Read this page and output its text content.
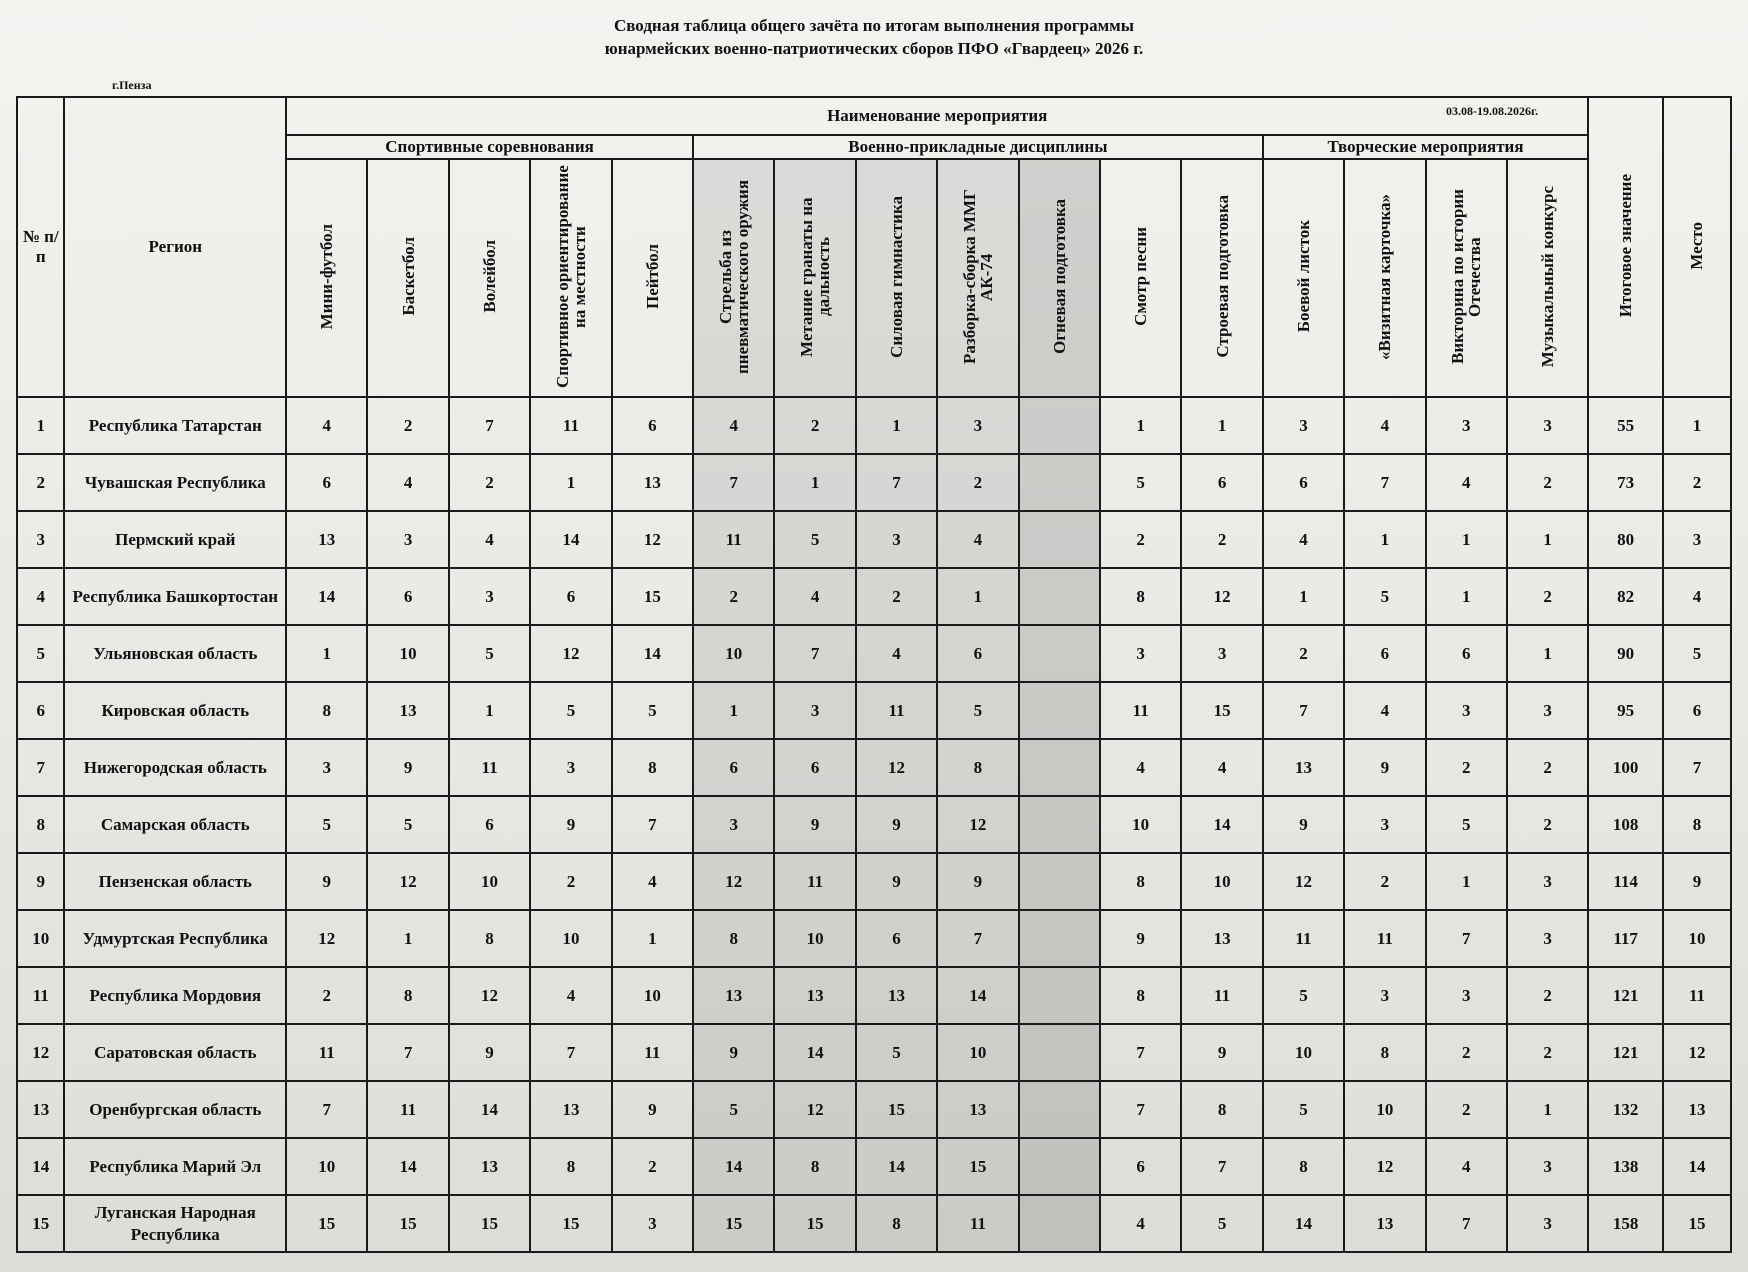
Сводная таблица общего зачёта по итогам выполнения программы
юнармейских военно-патриотических сборов ПФО «Гвардеец» 2026 г.
г.Пенза
03.08-19.08.2026г.
№ п/п	Регион	Наименование мероприятия																Итоговое значение	Место
		Спортивные соревнования					Военно-прикладные дисциплины							Творческие мероприятия					
		Мини-футбол	Баскетбол	Волейбол	Спортивное ориентирование на местности	Пейтбол	Стрельба из пневматического оружия	Метание гранаты на дальность	Силовая гимнастика	Разборка-сборка ММГ АК-74	Огневая подготовка	Смотр песни	Строевая подготовка	Боевой листок	«Визитная карточка»	Викторина по истории Отечества	Музыкальный конкурс		
1	Республика Татарстан	4	2	7	11	6	4	2	1	3		1	1	3	4	3	3	55	1
2	Чувашская Республика	6	4	2	1	13	7	1	7	2		5	6	6	7	4	2	73	2
3	Пермский край	13	3	4	14	12	11	5	3	4		2	2	4	1	1	1	80	3
4	Республика Башкортостан	14	6	3	6	15	2	4	2	1		8	12	1	5	1	2	82	4
5	Ульяновская область	1	10	5	12	14	10	7	4	6		3	3	2	6	6	1	90	5
6	Кировская область	8	13	1	5	5	1	3	11	5		11	15	7	4	3	3	95	6
7	Нижегородская область	3	9	11	3	8	6	6	12	8		4	4	13	9	2	2	100	7
8	Самарская область	5	5	6	9	7	3	9	9	12		10	14	9	3	5	2	108	8
9	Пензенская область	9	12	10	2	4	12	11	9	9		8	10	12	2	1	3	114	9
10	Удмуртская Республика	12	1	8	10	1	8	10	6	7		9	13	11	11	7	3	117	10
11	Республика Мордовия	2	8	12	4	10	13	13	13	14		8	11	5	3	3	2	121	11
12	Саратовская область	11	7	9	7	11	9	14	5	10		7	9	10	8	2	2	121	12
13	Оренбургская область	7	11	14	13	9	5	12	15	13		7	8	5	10	2	1	132	13
14	Республика Марий Эл	10	14	13	8	2	14	8	14	15		6	7	8	12	4	3	138	14
15	Луганская Народная Республика	15	15	15	15	3	15	15	8	11		4	5	14	13	7	3	158	15
